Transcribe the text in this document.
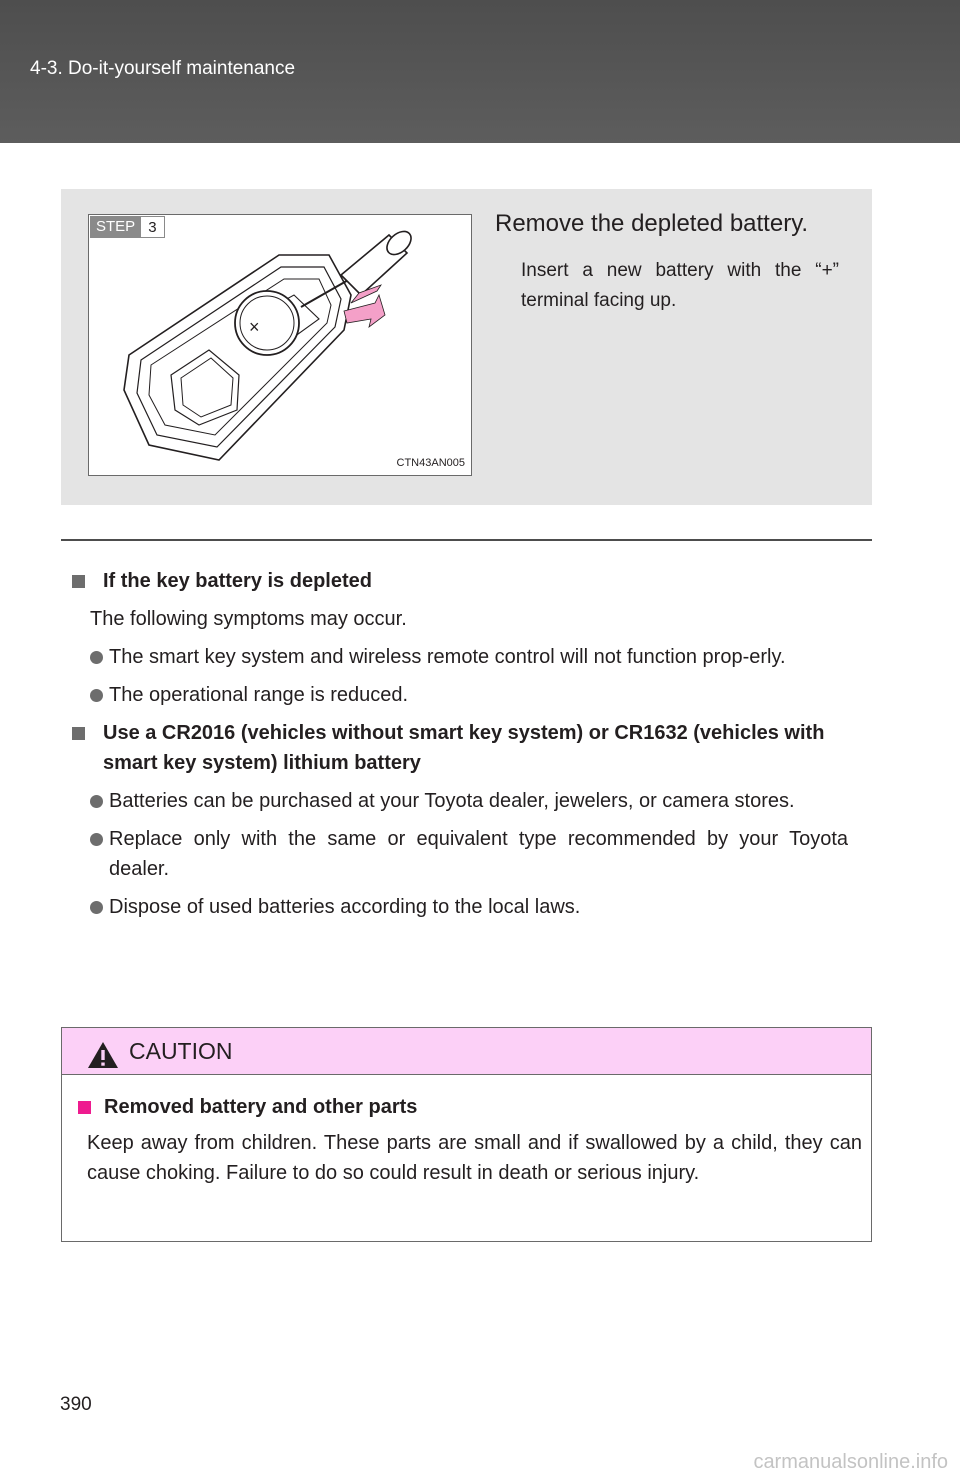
4-3. Do-it-yourself maintenance
×
STEP 3
CTN43AN005
Remove the depleted battery.
Insert a new battery with the “+” terminal facing up.
If the key battery is depleted
The following symptoms may occur.
The smart key system and wireless remote control will not function prop-erly.
The operational range is reduced.
Use a CR2016 (vehicles without smart key system) or CR1632 (vehicles with smart key system) lithium battery
Batteries can be purchased at your Toyota dealer, jewelers, or camera stores.
Replace only with the same or equivalent type recommended by your Toyota dealer.
Dispose of used batteries according to the local laws.
CAUTION
Removed battery and other parts
Keep away from children. These parts are small and if swallowed by a child, they can cause choking. Failure to do so could result in death or serious injury.
390
carmanualsonline.info
